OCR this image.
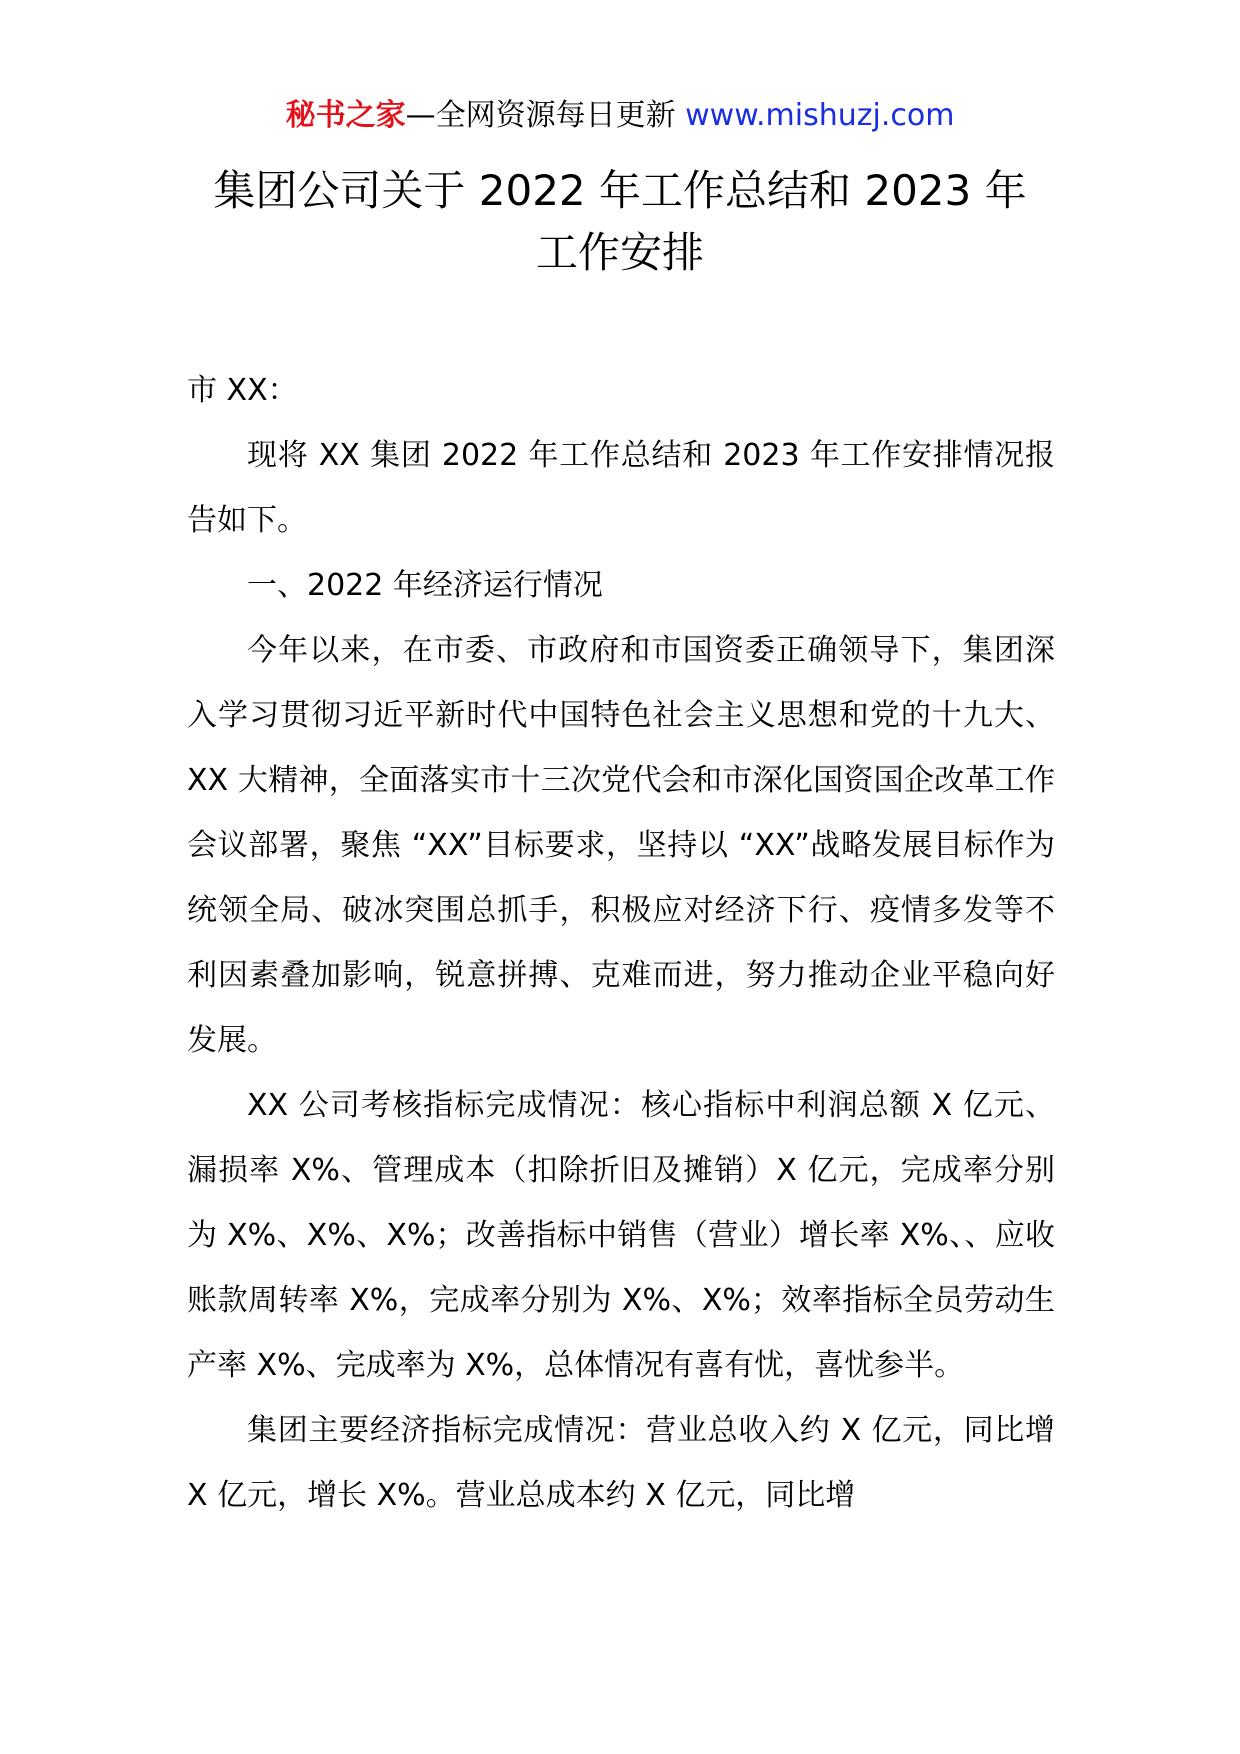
秘书之家—全网资源每日更新 www.mishuzj.com
集团公司关于 2022 年工作总结和 2023 年
工作安排

市 XX：

现将 XX 集团 2022 年工作总结和 2023 年工作安排情况报告如下。

一、2022 年经济运行情况

今年以来，在市委、市政府和市国资委正确领导下，集团深入学习贯彻习近平新时代中国特色社会主义思想和党的十九大、XX 大精神，全面落实市十三次党代会和市深化国资国企改革工作会议部署，聚焦 “XX”目标要求，坚持以 “XX”战略发展目标作为统领全局、破冰突围总抓手，积极应对经济下行、疫情多发等不利因素叠加影响，锐意拼搏、克难而进，努力推动企业平稳向好发展。

XX 公司考核指标完成情况：核心指标中利润总额 X 亿元、漏损率 X%、管理成本（扣除折旧及摊销）X 亿元，完成率分别为 X%、X%、X%；改善指标中销售（营业）增长率 X%、、应收账款周转率 X%，完成率分别为 X%、X%；效率指标全员劳动生产率 X%、完成率为 X%，总体情况有喜有忧，喜忧参半。

集团主要经济指标完成情况：营业总收入约 X 亿元，同比增 X 亿元，增长 X%。营业总成本约 X 亿元，同比增
